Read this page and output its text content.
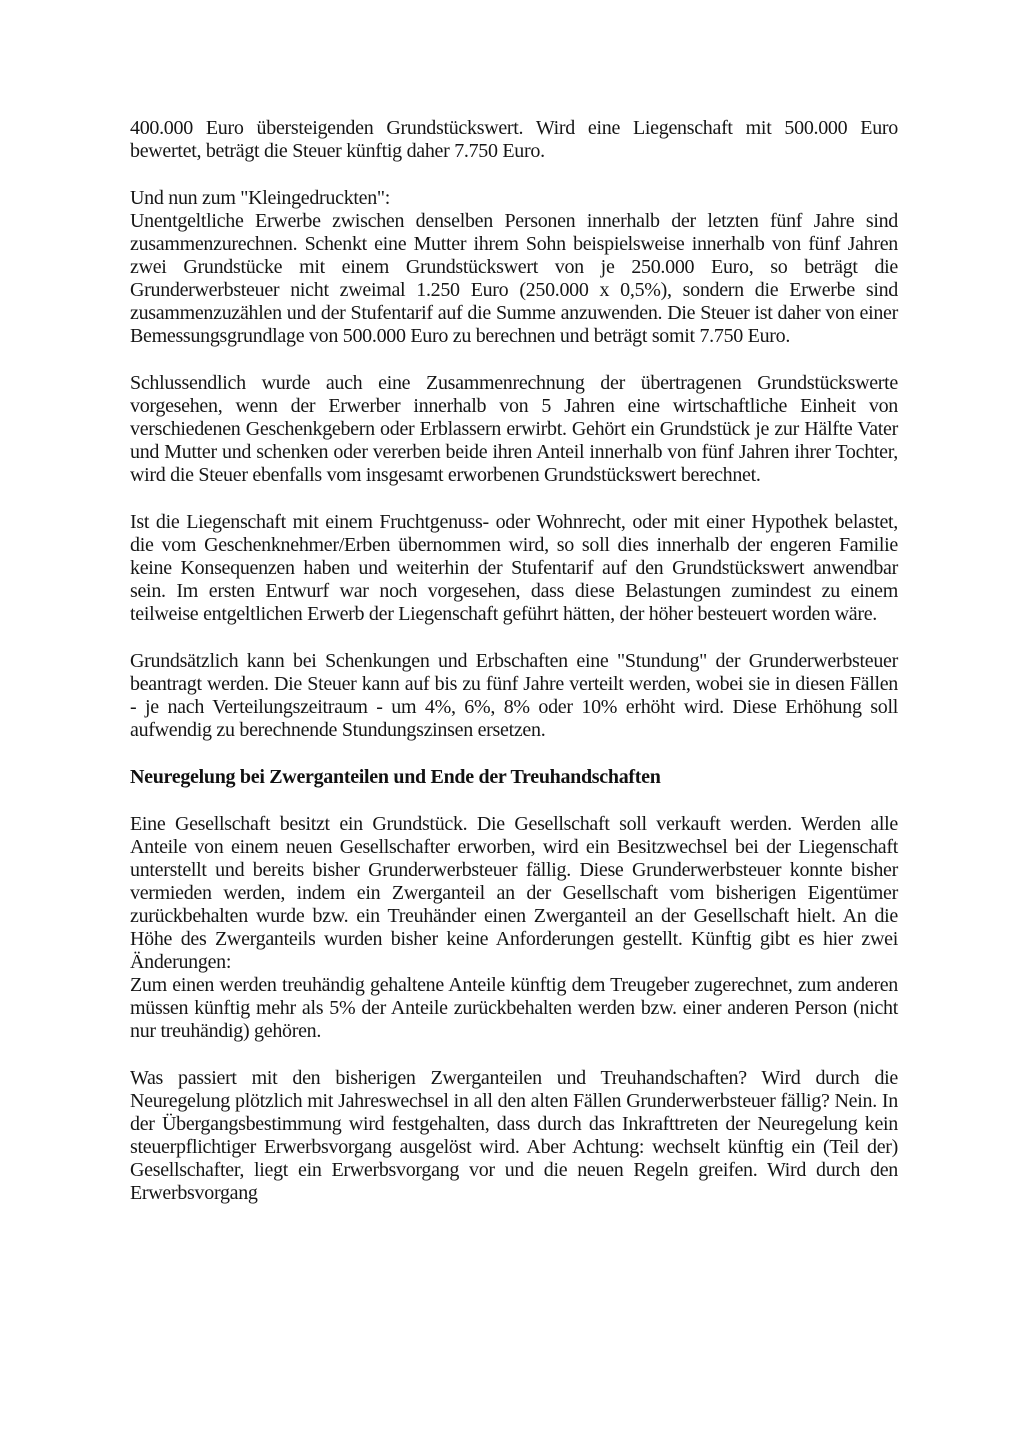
400.000 Euro übersteigenden Grundstückswert. Wird eine Liegenschaft mit 500.000 Euro bewertet, beträgt die Steuer künftig daher 7.750 Euro.

Und nun zum "Kleingedruckten":
Unentgeltliche Erwerbe zwischen denselben Personen innerhalb der letzten fünf Jahre sind zusammenzurechnen. Schenkt eine Mutter ihrem Sohn beispielsweise innerhalb von fünf Jahren zwei Grundstücke mit einem Grundstückswert von je 250.000 Euro, so beträgt die Grunderwerbsteuer nicht zweimal 1.250 Euro (250.000 x 0,5%), sondern die Erwerbe sind zusammenzuzählen und der Stufentarif auf die Summe anzuwenden. Die Steuer ist daher von einer Bemessungsgrundlage von 500.000 Euro zu berechnen und beträgt somit 7.750 Euro.

Schlussendlich wurde auch eine Zusammenrechnung der übertragenen Grundstückswerte vorgesehen, wenn der Erwerber innerhalb von 5 Jahren eine wirtschaftliche Einheit von verschiedenen Geschenkgebern oder Erblassern erwirbt. Gehört ein Grundstück je zur Hälfte Vater und Mutter und schenken oder vererben beide ihren Anteil innerhalb von fünf Jahren ihrer Tochter, wird die Steuer ebenfalls vom insgesamt erworbenen Grundstückswert berechnet.

Ist die Liegenschaft mit einem Fruchtgenuss- oder Wohnrecht, oder mit einer Hypothek belastet, die vom Geschenknehmer/Erben übernommen wird, so soll dies innerhalb der engeren Familie keine Konsequenzen haben und weiterhin der Stufentarif auf den Grundstückswert anwendbar sein. Im ersten Entwurf war noch vorgesehen, dass diese Belastungen zumindest zu einem teilweise entgeltlichen Erwerb der Liegenschaft geführt hätten, der höher besteuert worden wäre.

Grundsätzlich kann bei Schenkungen und Erbschaften eine "Stundung" der Grunderwerbsteuer beantragt werden. Die Steuer kann auf bis zu fünf Jahre verteilt werden, wobei sie in diesen Fällen - je nach Verteilungszeitraum - um 4%, 6%, 8% oder 10% erhöht wird. Diese Erhöhung soll aufwendig zu berechnende Stundungszinsen ersetzen.

Neuregelung bei Zwerganteilen und Ende der Treuhandschaften

Eine Gesellschaft besitzt ein Grundstück. Die Gesellschaft soll verkauft werden. Werden alle Anteile von einem neuen Gesellschafter erworben, wird ein Besitzwechsel bei der Liegenschaft unterstellt und bereits bisher Grunderwerbsteuer fällig. Diese Grunderwerbsteuer konnte bisher vermieden werden, indem ein Zwerganteil an der Gesellschaft vom bisherigen Eigentümer zurückbehalten wurde bzw. ein Treuhänder einen Zwerganteil an der Gesellschaft hielt. An die Höhe des Zwerganteils wurden bisher keine Anforderungen gestellt. Künftig gibt es hier zwei Änderungen:
Zum einen werden treuhändig gehaltene Anteile künftig dem Treugeber zugerechnet, zum anderen müssen künftig mehr als 5% der Anteile zurückbehalten werden bzw. einer anderen Person (nicht nur treuhändig) gehören.

Was passiert mit den bisherigen Zwerganteilen und Treuhandschaften? Wird durch die Neuregelung plötzlich mit Jahreswechsel in all den alten Fällen Grunderwerbsteuer fällig? Nein. In der Übergangsbestimmung wird festgehalten, dass durch das Inkrafttreten der Neuregelung kein steuerpflichtiger Erwerbsvorgang ausgelöst wird. Aber Achtung: wechselt künftig ein (Teil der) Gesellschafter, liegt ein Erwerbsvorgang vor und die neuen Regeln greifen. Wird durch den Erwerbsvorgang
